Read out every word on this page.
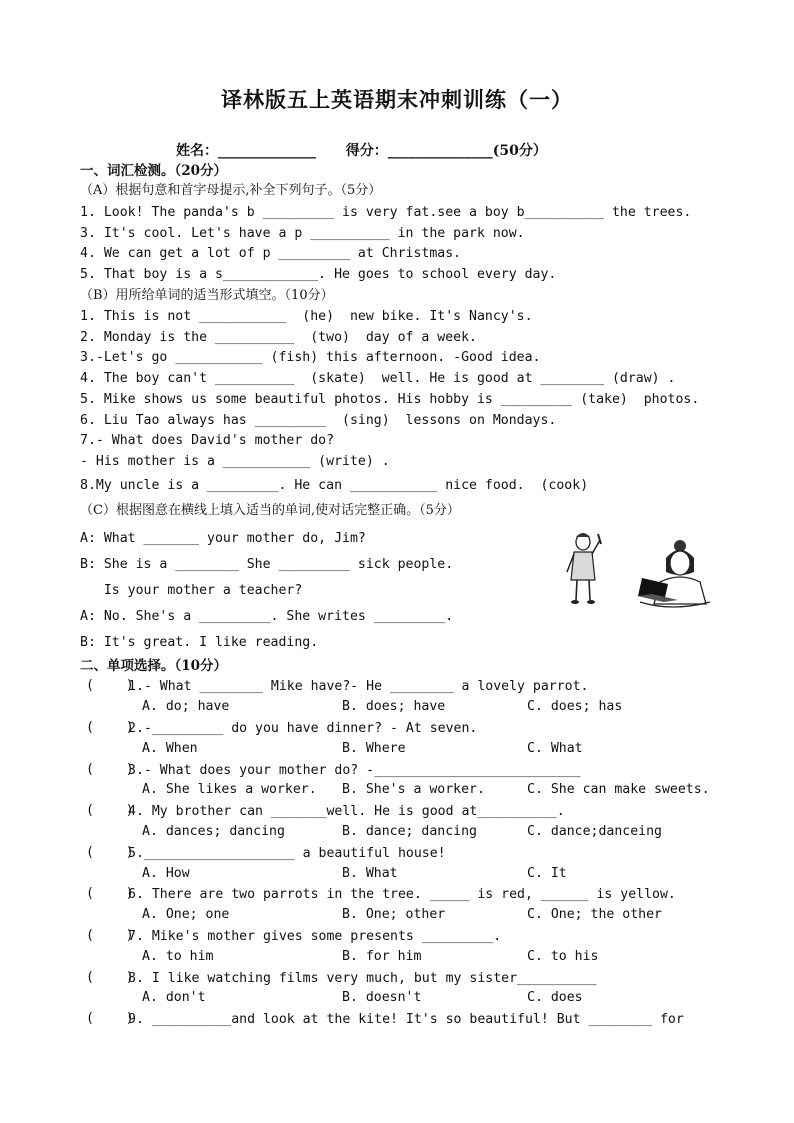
译林版五上英语期末冲刺训练（一）
姓名：______________ 得分：_______________(50分）
一、词汇检测。（20分）
（A）根据句意和首字母提示,补全下列句子。（5分）
1. Look! The panda's b _________ is very fat.see a boy b__________ the trees.
3. It's cool. Let's have a p __________ in the park now.
4. We can get a lot of p _________ at Christmas.
5. That boy is a s____________. He goes to school every day.
（B）用所给单词的适当形式填空。（10分）
1. This is not ___________  (he)  new bike. It's Nancy's.
2. Monday is the __________  (two)  day of a week.
3.-Let's go ___________ (fish) this afternoon. -Good idea.
4. The boy can't __________  (skate)  well. He is good at ________ (draw) .
5. Mike shows us some beautiful photos. His hobby is _________ (take)  photos.
6. Liu Tao always has _________  (sing)  lessons on Mondays.
7.- What does David's mother do?
- His mother is a ___________ (write) .
8.My uncle is a _________. He can ___________ nice food.  (cook)
（C）根据图意在横线上填入适当的单词,使对话完整正确。（5分）
A: What _______ your mother do, Jim?
B: She is a ________ She _________ sick people.
Is your mother a teacher?
A: No. She's a _________. She writes _________.
B: It's great. I like reading.
二、单项选择。（10分）
(    )
1.- What ________ Mike have?- He ________ a lovely parrot.
A. do; have	B. does; have	C. does; has
(    )
2.-_________ do you have dinner? - At seven.
A. When	B. Where	C. What
(    )
3.- What does your mother do? -__________________________
A. She likes a worker. B. She's a worker.	C. She can make sweets.
(    )
4. My brother can _______well. He is good at__________.
A. dances; dancing	B. dance; dancing	C. dance;danceing
(    )
5.___________________ a beautiful house!
A. How	B. What	C. It
(    )
6. There are two parrots in the tree. _____ is red, ______ is yellow.
A. One; one	B. One; other	C. One; the other
(    )
7. Mike's mother gives some presents _________.
A. to him	B. for him	C. to his
(    )
8. I like watching films very much, but my sister__________
A. don't	B. doesn't	C. does
(    )
9. __________and look at the kite! It's so beautiful! But ________ for
